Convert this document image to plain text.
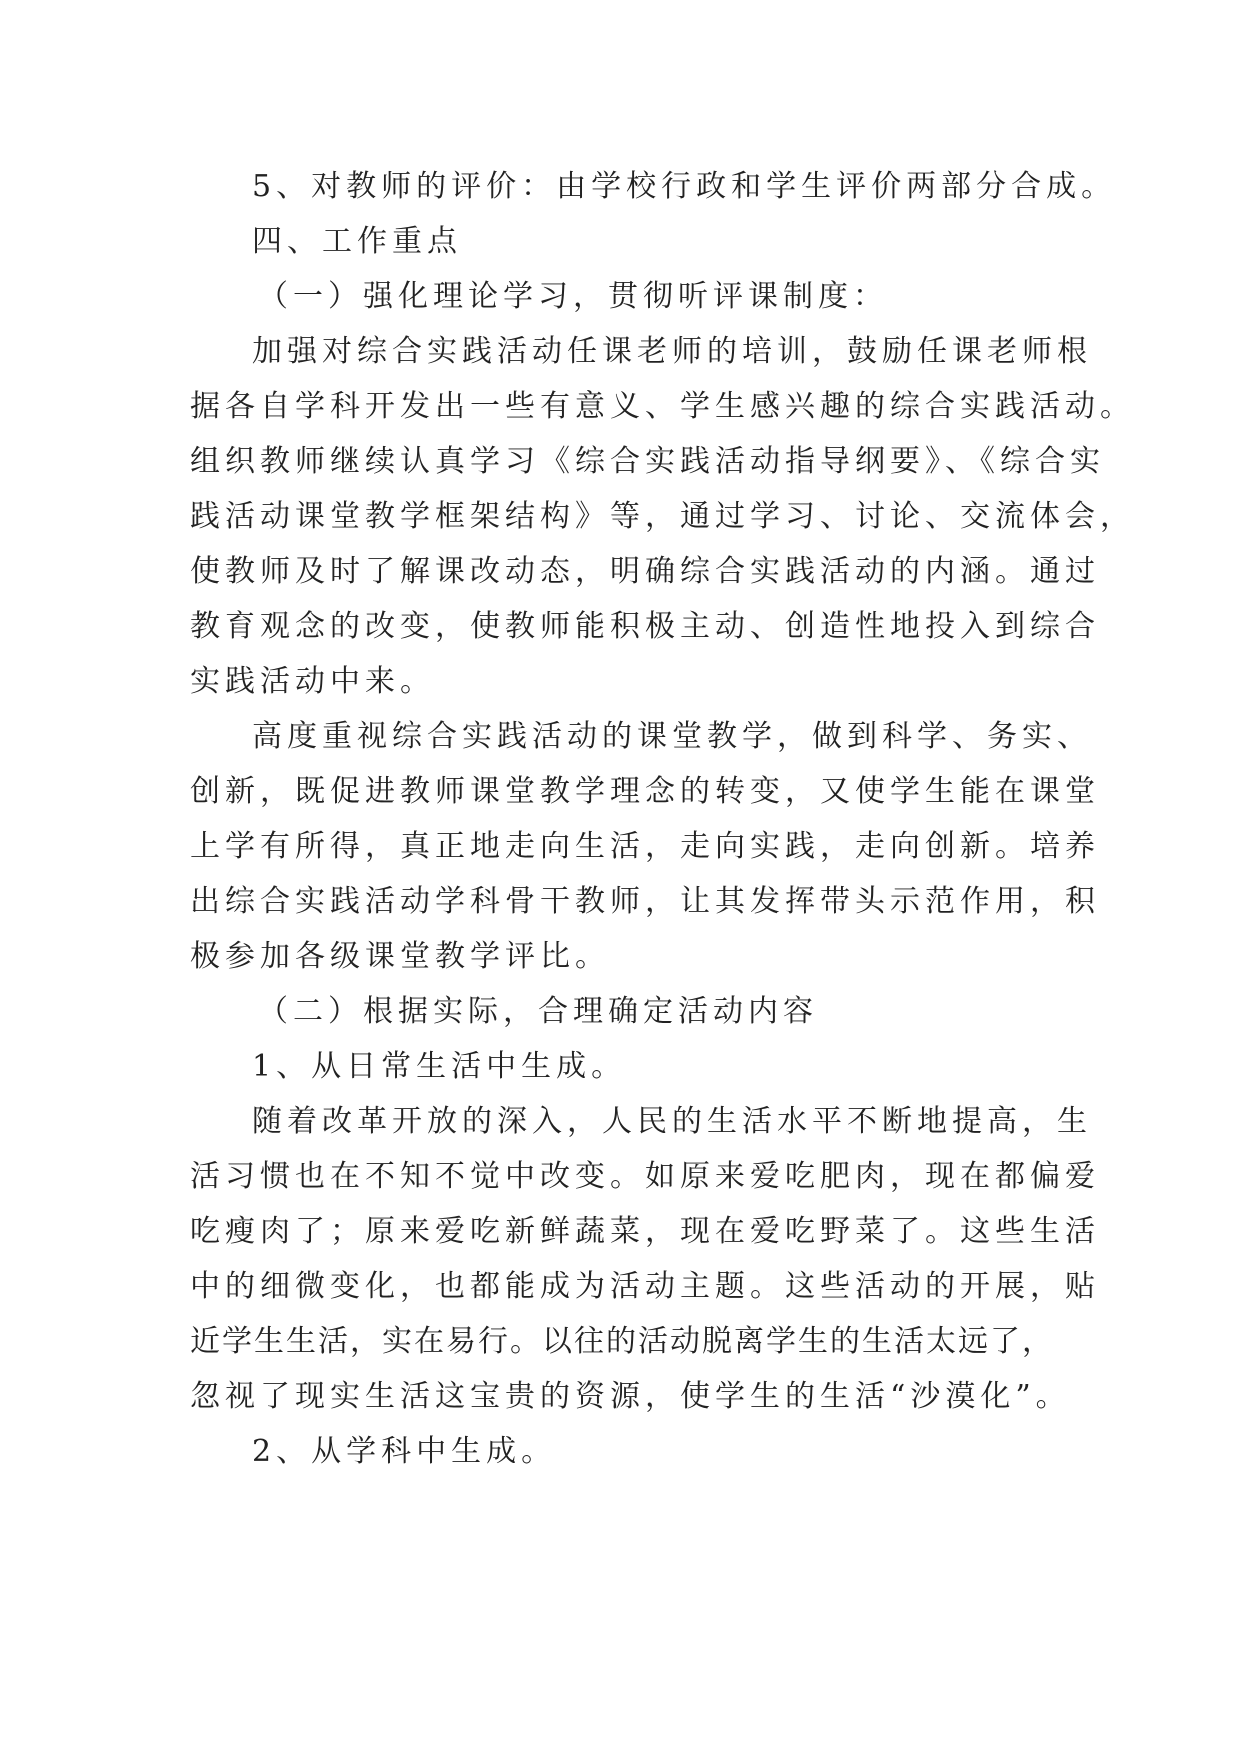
5、对教师的评价：由学校行政和学生评价两部分合成。
四、工作重点
（一）强化理论学习，贯彻听评课制度：
加强对综合实践活动任课老师的培训，鼓励任课老师根
据各自学科开发出一些有意义、学生感兴趣的综合实践活动。
组织教师继续认真学习《综合实践活动指导纲要》、《综合实
践活动课堂教学框架结构》等，通过学习、讨论、交流体会，
使教师及时了解课改动态，明确综合实践活动的内涵。通过
教育观念的改变，使教师能积极主动、创造性地投入到综合
实践活动中来。
高度重视综合实践活动的课堂教学，做到科学、务实、
创新，既促进教师课堂教学理念的转变，又使学生能在课堂
上学有所得，真正地走向生活，走向实践，走向创新。培养
出综合实践活动学科骨干教师，让其发挥带头示范作用，积
极参加各级课堂教学评比。
（二）根据实际，合理确定活动内容
1、从日常生活中生成。
随着改革开放的深入，人民的生活水平不断地提高，生
活习惯也在不知不觉中改变。如原来爱吃肥肉，现在都偏爱
吃瘦肉了；原来爱吃新鲜蔬菜，现在爱吃野菜了。这些生活
中的细微变化，也都能成为活动主题。这些活动的开展，贴
近学生生活，实在易行。以往的活动脱离学生的生活太远了，
忽视了现实生活这宝贵的资源，使学生的生活“沙漠化”。
2、从学科中生成。
